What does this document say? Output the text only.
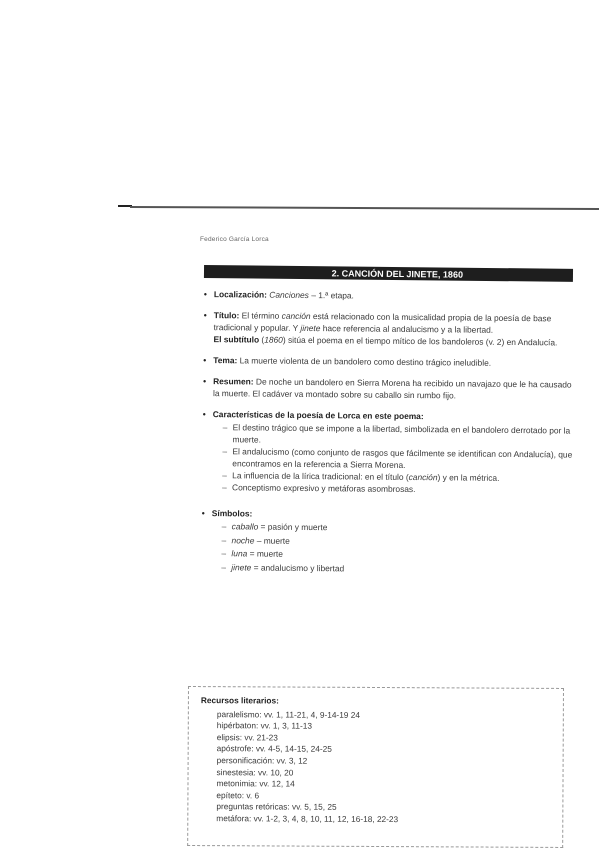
Federico García Lorca
2. CANCIÓN DEL JINETE, 1860
• Localización: Canciones – 1.ª etapa.

• Título: El término canción está relacionado con la musicalidad propia de la poesía de base tradicional y popular. Y jinete hace referencia al andalucismo y a la libertad.

El subtítulo (1860) sitúa el poema en el tiempo mítico de los bandoleros (v. 2) en Andalucía.

• Tema: La muerte violenta de un bandolero como destino trágico ineludible.

• Resumen: De noche un bandolero en Sierra Morena ha recibido un navajazo que le ha causado la muerte. El cadáver va montado sobre su caballo sin rumbo fijo.

• Características de la poesía de Lorca en este poema:

– El destino trágico que se impone a la libertad, simbolizada en el bandolero derrotado por la muerte.
– El andalucismo (como conjunto de rasgos que fácilmente se identifican con Andalucía), que encontramos en la referencia a Sierra Morena.
– La influencia de la lírica tradicional: en el título (canción) y en la métrica.
– Conceptismo expresivo y metáforas asombrosas.
• Símbolos:

– caballo = pasión y muerte
– noche – muerte
– luna = muerte
– jinete = andalucismo y libertad
Recursos literarios:
paralelismo: vv. 1, 11-21, 4, 9-14-19 24
hipérbaton: vv. 1, 3, 11-13
elipsis: vv. 21-23
apóstrofe: vv. 4-5, 14-15, 24-25
personificación: vv. 3, 12
sinestesia: vv. 10, 20
metonimia: vv. 12, 14
epíteto: v. 6
preguntas retóricas: vv. 5, 15, 25
metáfora: vv. 1-2, 3, 4, 8, 10, 11, 12, 16-18, 22-23
